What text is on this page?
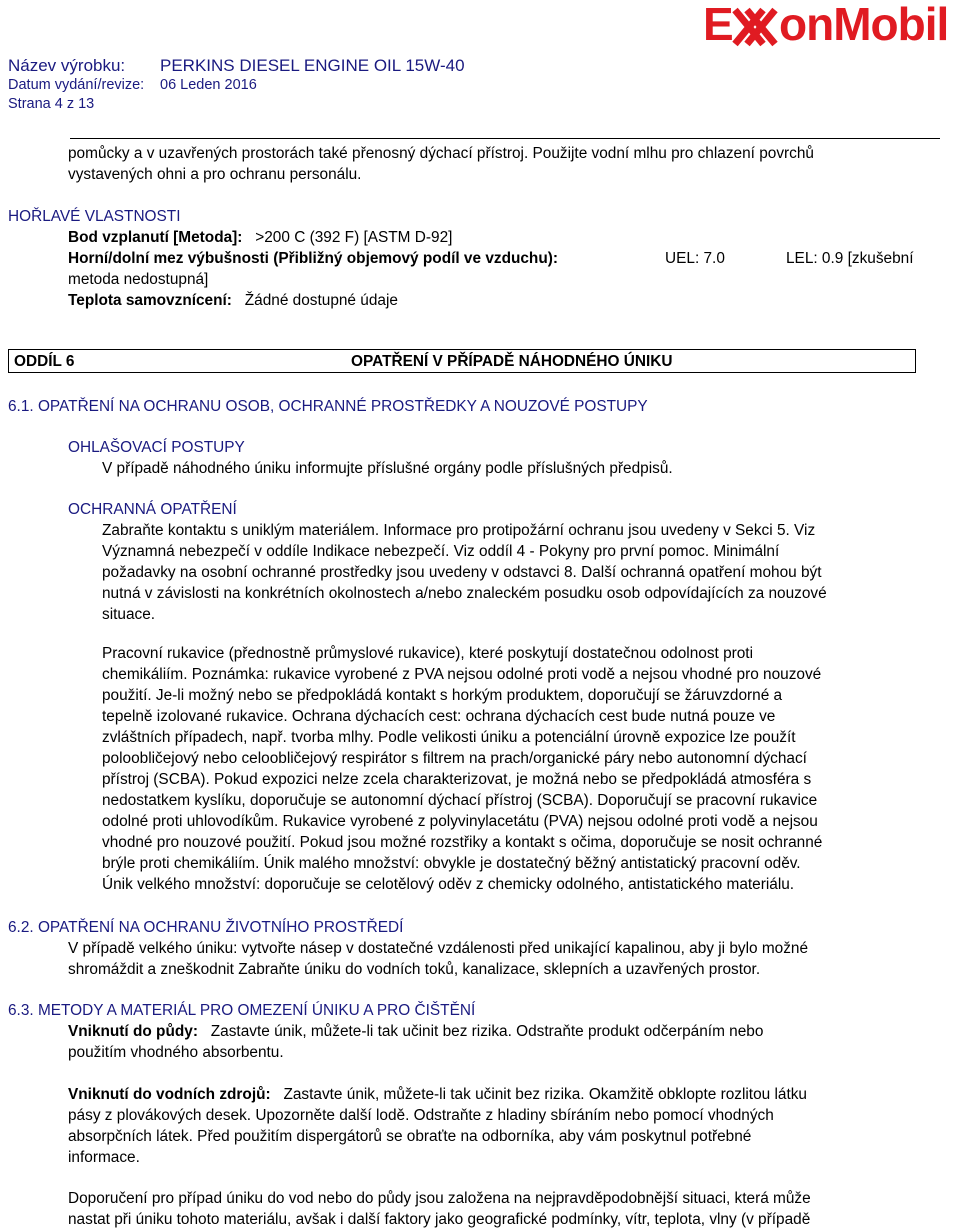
Název výrobku: PERKINS DIESEL ENGINE OIL 15W-40
Datum vydání/revize: 06 Leden 2016
Strana 4 z 13
E onMobil
pomůcky a v uzavřených prostorách také přenosný dýchací přístroj. Použijte vodní mlhu pro chlazení povrchů
vystavených ohni a pro ochranu personálu.
HOŘLAVÉ VLASTNOSTI
Bod vzplanutí [Metoda]: >200 C (392 F) [ASTM D-92]
Horní/dolní mez výbušnosti (Přibližný objemový podíl ve vzduchu):	UEL: 7.0	LEL: 0.9 [zkušební
metoda nedostupná]
Teplota samovznícení: Žádné dostupné údaje
ODDÍL 6	OPATŘENÍ V PŘÍPADĚ NÁHODNÉHO ÚNIKU
6.1. OPATŘENÍ NA OCHRANU OSOB, OCHRANNÉ PROSTŘEDKY A NOUZOVÉ POSTUPY
OHLAŠOVACÍ POSTUPY
V případě náhodného úniku informujte příslušné orgány podle příslušných předpisů.
OCHRANNÁ OPATŘENÍ
Zabraňte kontaktu s uniklým materiálem. Informace pro protipožární ochranu jsou uvedeny v Sekci 5. Viz
Významná nebezpečí v oddíle Indikace nebezpečí. Viz oddíl 4 - Pokyny pro první pomoc. Minimální
požadavky na osobní ochranné prostředky jsou uvedeny v odstavci 8. Další ochranná opatření mohou být
nutná v závislosti na konkrétních okolnostech a/nebo znaleckém posudku osob odpovídajících za nouzové
situace.
Pracovní rukavice (přednostně průmyslové rukavice), které poskytují dostatečnou odolnost proti
chemikáliím. Poznámka: rukavice vyrobené z PVA nejsou odolné proti vodě a nejsou vhodné pro nouzové
použití. Je-li možný nebo se předpokládá kontakt s horkým produktem, doporučují se žáruvzdorné a
tepelně izolované rukavice. Ochrana dýchacích cest: ochrana dýchacích cest bude nutná pouze ve
zvláštních případech, např. tvorba mlhy. Podle velikosti úniku a potenciální úrovně expozice lze použít
poloobličejový nebo celoobličejový respirátor s filtrem na prach/organické páry nebo autonomní dýchací
přístroj (SCBA). Pokud expozici nelze zcela charakterizovat, je možná nebo se předpokládá atmosféra s
nedostatkem kyslíku, doporučuje se autonomní dýchací přístroj (SCBA). Doporučují se pracovní rukavice
odolné proti uhlovodíkům. Rukavice vyrobené z polyvinylacetátu (PVA) nejsou odolné proti vodě a nejsou
vhodné pro nouzové použití. Pokud jsou možné rozstřiky a kontakt s očima, doporučuje se nosit ochranné
brýle proti chemikáliím. Únik malého množství: obvykle je dostatečný běžný antistatický pracovní oděv.
Únik velkého množství: doporučuje se celotělový oděv z chemicky odolného, antistatického materiálu.
6.2. OPATŘENÍ NA OCHRANU ŽIVOTNÍHO PROSTŘEDÍ
V případě velkého úniku: vytvořte násep v dostatečné vzdálenosti před unikající kapalinou, aby ji bylo možné
shromáždit a zneškodnit Zabraňte úniku do vodních toků, kanalizace, sklepních a uzavřených prostor.
6.3. METODY A MATERIÁL PRO OMEZENÍ ÚNIKU A PRO ČIŠTĚNÍ
Vniknutí do půdy: Zastavte únik, můžete-li tak učinit bez rizika. Odstraňte produkt odčerpáním nebo
použitím vhodného absorbentu.
Vniknutí do vodních zdrojů: Zastavte únik, můžete-li tak učinit bez rizika. Okamžitě obklopte rozlitou látku
pásy z plovákových desek. Upozorněte další lodě. Odstraňte z hladiny sbíráním nebo pomocí vhodných
absorpčních látek. Před použitím dispergátorů se obraťte na odborníka, aby vám poskytnul potřebné
informace.
Doporučení pro případ úniku do vod nebo do půdy jsou založena na nejpravděpodobnější situaci, která může
nastat při úniku tohoto materiálu, avšak i další faktory jako geografické podmínky, vítr, teplota, vlny (v případě
